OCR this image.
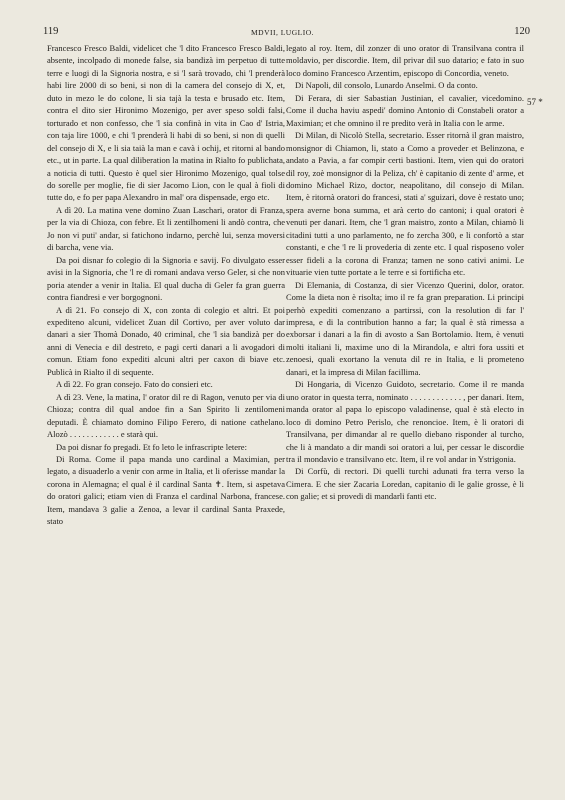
119	MDVII, LUGLIO.	120
57 *

Francesco Fresco Baldi, videlicet che 'l dito Francesco Fresco Baldi, absente, incolpado di monede false, sia bandizà im perpetuo di tutte terre e luogi di la Signoria nostra, e si 'l sarà trovado, chi 'l prenderà habi lire 2000 di so beni, si non di la camera del consejo di X, et, duto in mezo le do colone, li sia tajà la testa e brusado etc. Item, contra el dito sier Hironimo Mozenigo, per aver speso soldi falsi, torturado et non confesso, che 'l sia confinà in vita in Cao d' Istria, con taja lire 1000, e chi 'l prenderà li habi di so beni, si non di quelli del consejo di X, e li sia taià la man e cavà i ochij, et ritorni al bando etc., ut in parte. La qual diliberation la matina in Rialto fo publichata, a noticia di tutti. Questo è quel sier Hironimo Mozenigo, qual tolse do sorelle per moglie, fie di sier Jacomo Lion, con le qual à fioli di tutte do, e fo per papa Alexandro in mal' ora dispensade, ergo etc.

A dì 20. La matina vene domino Zuan Laschari, orator di Franza, per la via di Chioza, con febre. Et li zentilhomeni li andò contra, che Jo non vi puti' andar, si fatichono indarno, perchè lui, senza moversi di barcha, vene via.

Da poi disnar fo colegio di la Signoria e savij. Fo divulgato esser avisi in la Signoria, che 'l re di romani andava verso Geler, si che non poria atender a venir in Italia. El qual ducha di Geler fa gran guerra contra fiandresi e ver borgognoni.

A dì 21. Fo consejo di X, con zonta di colegio et altri. Et poi expediteno alcuni, videlicet Zuan dil Cortivo, per aver voluto dar danari a sier Thomà Donado, 40 criminal, che 'l sia bandizà per do anni di Venecia e dil destreto, e pagi certi danari a li avogadori di comun. Etiam fono expediti alcuni altri per caxon di biave etc. Publicà in Rialto il di sequente.

A dì 22. Fo gran consejo. Fato do consieri etc.

A dì 23. Vene, la matina, l' orator dil re di Ragon, venuto per via di Chioza; contra dil qual andoe fin a San Spirito li zentilomeni deputadi. È chiamato domino Filipo Ferero, di natione cathelano. Alozò . . . . . . . . . . . . e starà qui.

Da poi disnar fo pregadi. Et fo leto le infrascripte letere:

Di Roma. Come il papa manda uno cardinal a Maximian, per legato, a disuaderlo a venir con arme in Italia, et li oferisse mandar la corona in Alemagna; el qual è il cardinal Santa ✝. Item, si aspetava do oratori galici; etiam vien di Franza el cardinal Narbona, francese. Item, mandava 3 galie a Zenoa, a levar il cardinal Santa Praxede, stato

legato al roy. Item, dil zonzer di uno orator di Transilvana contra il moldavio, per discordie. Item, dil privar dil suo datario; e fato in suo loco domino Francesco Arzentim, episcopo di Concordia, veneto.

Di Napoli, dil consolo, Lunardo Anselmi. O da conto.

Di Ferara, di sier Sabastian Justinian, el cavalier, vicedomino. Come il ducha haviu aspedi' domino Antonio di Constabeli orator a Maximian; et che omnino il re predito verà in Italia con le arme.

Di Milan, di Nicolò Stella, secretario. Esser ritornà il gran maistro, monsignor di Chiamon, li, stato a Como a proveder et Belinzona, e andato a Pavia, a far compir certi bastioni. Item, vien qui do oratori dil roy, zoè monsignor di la Peliza, ch' è capitanio di zente d' arme, et domino Michael Rizo, doctor, neapolitano, dil consejo di Milan. Item, è ritornà oratori do francesi, stati a' sguizari, dove è restato uno; spera averne bona summa, et arà certo do cantoni; i qual oratori è venuti per danari. Item, che 'l gran maistro, zonto a Milan, chiamò li citadini tutti a uno parlamento, ne fo zercha 300, e li confortò a star constanti, e che 'l re li provederia di zente etc. I qual risposeno voler esser fideli a la corona di Franza; tamen ne sono cativi animi. Le vituarie vien tutte portate a le terre e si fortificha etc.

Di Elemania, di Costanza, di sier Vicenzo Querini, dolor, orator. Come la dieta non è risolta; imo il re fa gran preparation. Li principi perhò expediti comenzano a partirssi, con la resolution di far l' impresa, e di la contribution hanno a far; la qual è stà rimessa a exborsar i danari a la fin di avosto a San Bortolamio. Item, è venuti molti italiani li, maxime uno di la Mirandola, e altri fora ussiti et zenoesi, quali exortano la venuta dil re in Italia, e li prometeno danari, et la impresa di Milan facillima.

Di Hongaria, di Vicenzo Guidoto, secretario. Come il re manda uno orator in questa terra, nominato . . . . . . . . . . . . , per danari. Item, manda orator al papa lo episcopo valadinense, qual è stà electo in loco di domino Petro Perislo, che renoncioe. Item, è li oratori di Transilvana, per dimandar al re quello diebano risponder al turcho, che li à mandato a dir mandi soi oratori a lui, per cessar le discordie tra il mondavio e transilvano etc. Item, il re vol andar in Ystrigonia.

Di Corfù, di rectori. Di quelli turchi adunati fra terra verso la Cimera. E che sier Zacaria Loredan, capitanio di le galie grosse, è li con galie; et si provedi di mandarli fanti etc.
